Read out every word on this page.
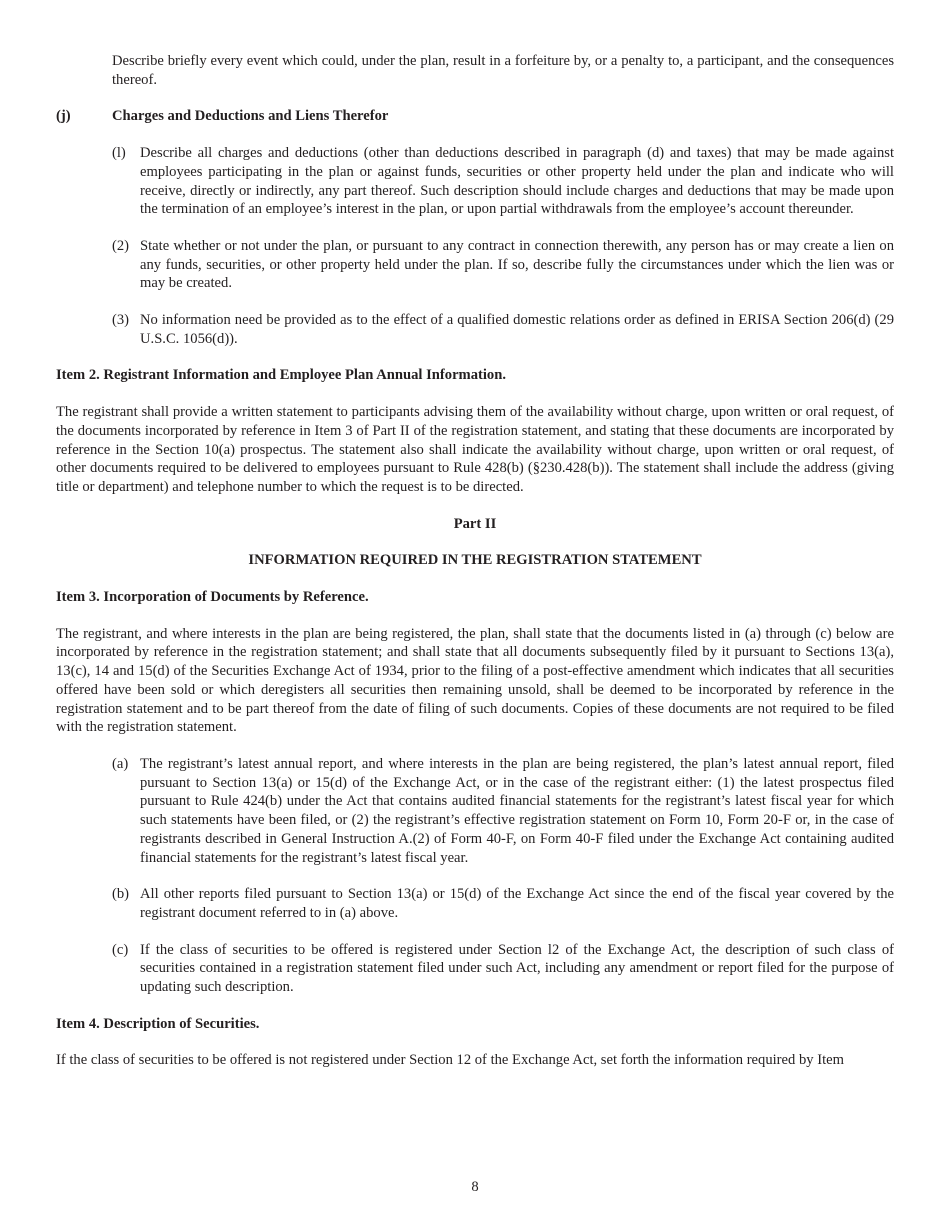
Describe briefly every event which could, under the plan, result in a forfeiture by, or a penalty to, a participant, and the consequences thereof.

(j)	Charges and Deductions and Liens Therefor
(l) Describe all charges and deductions (other than deductions described in paragraph (d) and taxes) that may be made against employees participating in the plan or against funds, securities or other property held under the plan and indicate who will receive, directly or indirectly, any part thereof. Such description should include charges and deductions that may be made upon the termination of an employee’s interest in the plan, or upon partial withdrawals from the employee’s account thereunder.
(2) State whether or not under the plan, or pursuant to any contract in connection therewith, any person has or may create a lien on any funds, securities, or other property held under the plan. If so, describe fully the circumstances under which the lien was or may be created.
(3) No information need be provided as to the effect of a qualified domestic relations order as defined in ERISA Section 206(d) (29 U.S.C. 1056(d)).

Item 2. Registrant Information and Employee Plan Annual Information.

The registrant shall provide a written statement to participants advising them of the availability without charge, upon written or oral request, of the documents incorporated by reference in Item 3 of Part II of the registration statement, and stating that these documents are incorporated by reference in the Section 10(a) prospectus. The statement also shall indicate the availability without charge, upon written or oral request, of other documents required to be delivered to employees pursuant to Rule 428(b) (§230.428(b)). The statement shall include the address (giving title or department) and telephone number to which the request is to be directed.

Part II

INFORMATION REQUIRED IN THE REGISTRATION STATEMENT

Item 3. Incorporation of Documents by Reference.

The registrant, and where interests in the plan are being registered, the plan, shall state that the documents listed in (a) through (c) below are incorporated by reference in the registration statement; and shall state that all documents subsequently filed by it pursuant to Sections 13(a), 13(c), 14 and 15(d) of the Securities Exchange Act of 1934, prior to the filing of a post-effective amendment which indicates that all securities offered have been sold or which deregisters all securities then remaining unsold, shall be deemed to be incorporated by reference in the registration statement and to be part thereof from the date of filing of such documents. Copies of these documents are not required to be filed with the registration statement.

(a) The registrant’s latest annual report, and where interests in the plan are being registered, the plan’s latest annual report, filed pursuant to Section 13(a) or 15(d) of the Exchange Act, or in the case of the registrant either: (1) the latest prospectus filed pursuant to Rule 424(b) under the Act that contains audited financial statements for the registrant’s latest fiscal year for which such statements have been filed, or (2) the registrant’s effective registration statement on Form 10, Form 20-F or, in the case of registrants described in General Instruction A.(2) of Form 40-F, on Form 40-F filed under the Exchange Act containing audited financial statements for the registrant’s latest fiscal year.
(b) All other reports filed pursuant to Section 13(a) or 15(d) of the Exchange Act since the end of the fiscal year covered by the registrant document referred to in (a) above.
(c) If the class of securities to be offered is registered under Section l2 of the Exchange Act, the description of such class of securities contained in a registration statement filed under such Act, including any amendment or report filed for the purpose of updating such description.

Item 4. Description of Securities.

If the class of securities to be offered is not registered under Section 12 of the Exchange Act, set forth the information required by Item

8
